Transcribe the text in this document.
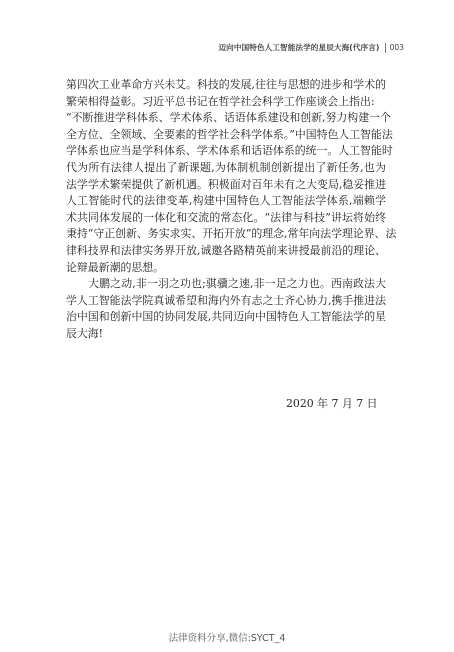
迈向中国特色人工智能法学的星辰大海(代序言) 003
第四次工业革命方兴未艾。科技的发展,往往与思想的进步和学术的
繁荣相得益彰。习近平总书记在哲学社会科学工作座谈会上指出:
“不断推进学科体系、学术体系、话语体系建设和创新,努力构建一个
全方位、全领域、全要素的哲学社会科学体系。”中国特色人工智能法
学体系也应当是学科体系、学术体系和话语体系的统一。人工智能时
代为所有法律人提出了新课题,为体制机制创新提出了新任务,也为
法学学术繁荣提供了新机遇。积极面对百年未有之大变局,稳妥推进
人工智能时代的法律变革,构建中国特色人工智能法学体系,端赖学
术共同体发展的一体化和交流的常态化。“法律与科技”讲坛将始终
秉持“守正创新、务实求实、开拓开放”的理念,常年向法学理论界、法
律科技界和法律实务界开放,诚邀各路精英前来讲授最前沿的理论、
论辩最新潮的思想。
　　大鹏之动,非一羽之功也;骐骥之速,非一足之力也。西南政法大
学人工智能法学院真诚希望和海内外有志之士齐心协力,携手推进法
治中国和创新中国的协同发展,共同迈向中国特色人工智能法学的星
辰大海!
2020 年 7 月 7 日
法律资料分享,微信:SYCT_4
